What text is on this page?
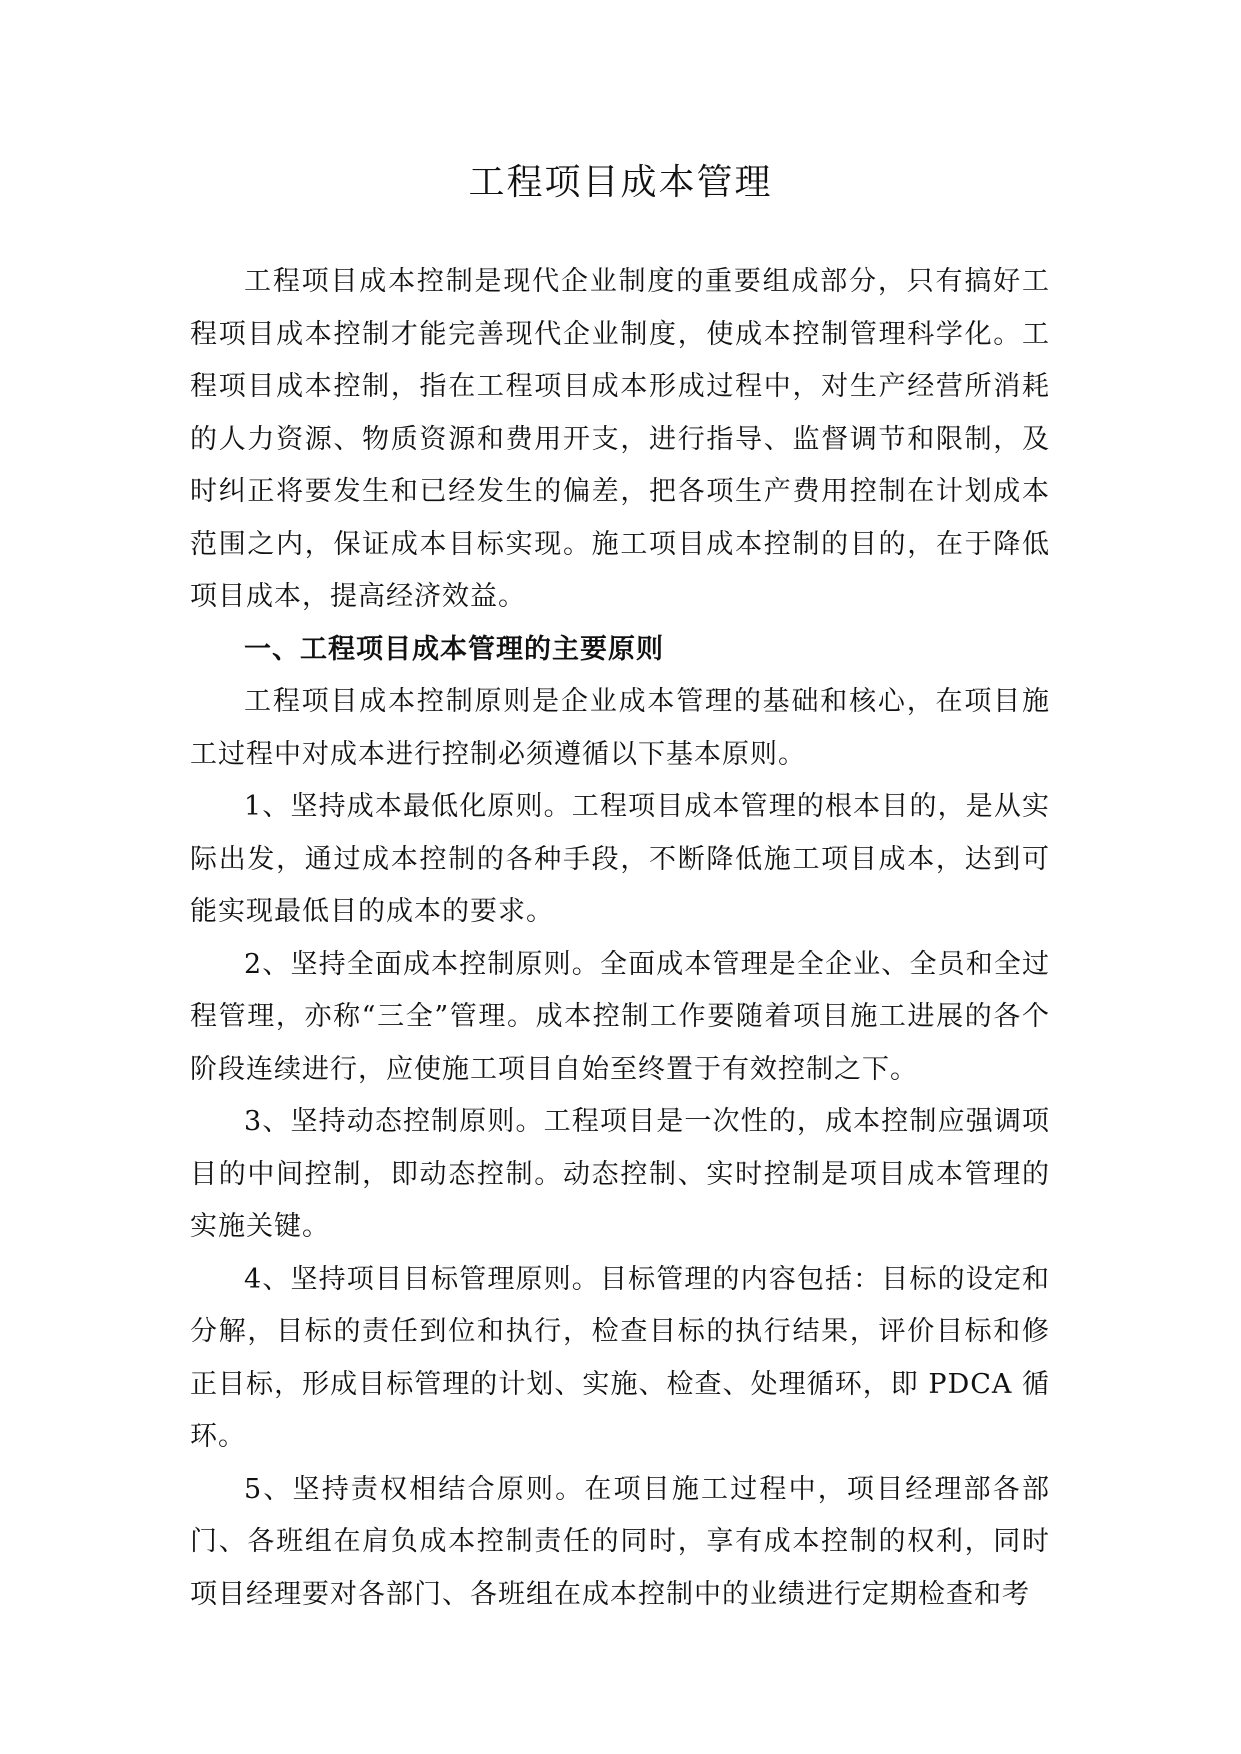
工程项目成本管理

工程项目成本控制是现代企业制度的重要组成部分，只有搞好工程项目成本控制才能完善现代企业制度，使成本控制管理科学化。工程项目成本控制，指在工程项目成本形成过程中，对生产经营所消耗的人力资源、物质资源和费用开支，进行指导、监督调节和限制，及时纠正将要发生和已经发生的偏差，把各项生产费用控制在计划成本范围之内，保证成本目标实现。施工项目成本控制的目的，在于降低项目成本，提高经济效益。

一、工程项目成本管理的主要原则

工程项目成本控制原则是企业成本管理的基础和核心，在项目施工过程中对成本进行控制必须遵循以下基本原则。

1、坚持成本最低化原则。工程项目成本管理的根本目的，是从实际出发，通过成本控制的各种手段，不断降低施工项目成本，达到可能实现最低目的成本的要求。

2、坚持全面成本控制原则。全面成本管理是全企业、全员和全过程管理，亦称“三全”管理。成本控制工作要随着项目施工进展的各个阶段连续进行，应使施工项目自始至终置于有效控制之下。

3、坚持动态控制原则。工程项目是一次性的，成本控制应强调项目的中间控制，即动态控制。动态控制、实时控制是项目成本管理的实施关键。

4、坚持项目目标管理原则。目标管理的内容包括：目标的设定和分解，目标的责任到位和执行，检查目标的执行结果，评价目标和修正目标，形成目标管理的计划、实施、检查、处理循环，即 PDCA 循环。

5、坚持责权相结合原则。在项目施工过程中，项目经理部各部门、各班组在肩负成本控制责任的同时，享有成本控制的权利，同时项目经理要对各部门、各班组在成本控制中的业绩进行定期检查和考
